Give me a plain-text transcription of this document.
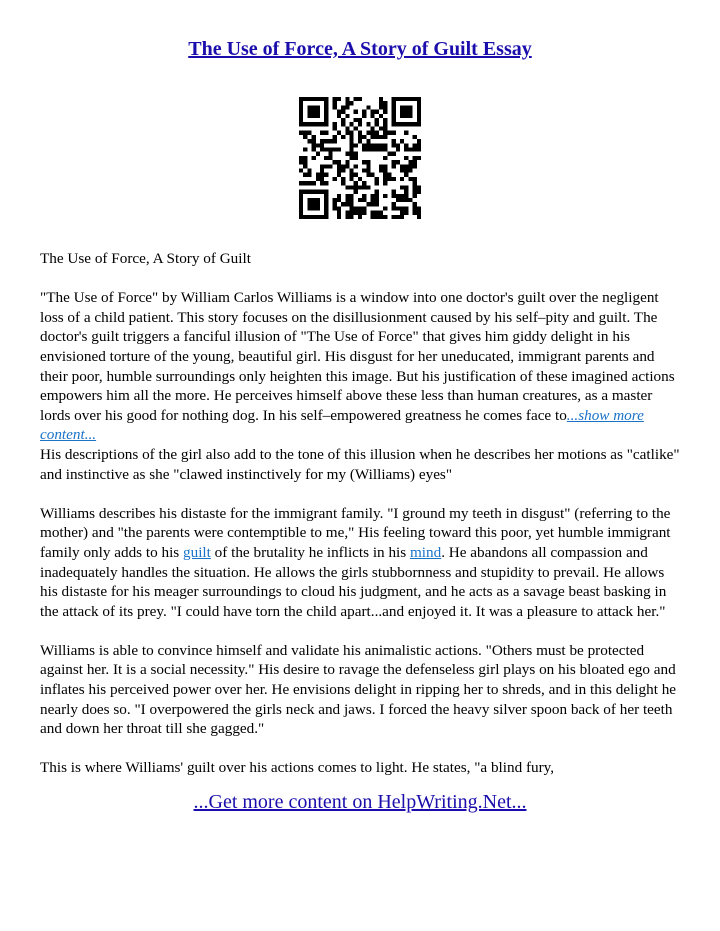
The Use of Force, A Story of Guilt Essay

The Use of Force, A Story of Guilt

"The Use of Force" by William Carlos Williams is a window into one doctor's guilt over the negligent loss of a child patient. This story focuses on the disillusionment caused by his self–pity and guilt. The doctor's guilt triggers a fanciful illusion of "The Use of Force" that gives him giddy delight in his envisioned torture of the young, beautiful girl. His disgust for her uneducated, immigrant parents and their poor, humble surroundings only heighten this image. But his justification of these imagined actions empowers him all the more. He perceives himself above these less than human creatures, as a master lords over his good for nothing dog. In his self–empowered greatness he comes face to...show more content...

His descriptions of the girl also add to the tone of this illusion when he describes her motions as "catlike" and instinctive as she "clawed instinctively for my (Williams) eyes"

Williams describes his distaste for the immigrant family. "I ground my teeth in disgust" (referring to the mother) and "the parents were contemptible to me," His feeling toward this poor, yet humble immigrant family only adds to his guilt of the brutality he inflicts in his mind. He abandons all compassion and inadequately handles the situation. He allows the girls stubbornness and stupidity to prevail. He allows his distaste for his meager surroundings to cloud his judgment, and he acts as a savage beast basking in the attack of its prey. "I could have torn the child apart...and enjoyed it. It was a pleasure to attack her."

Williams is able to convince himself and validate his animalistic actions. "Others must be protected against her. It is a social necessity." His desire to ravage the defenseless girl plays on his bloated ego and inflates his perceived power over her. He envisions delight in ripping her to shreds, and in this delight he nearly does so. "I overpowered the girls neck and jaws. I forced the heavy silver spoon back of her teeth and down her throat till she gagged."

This is where Williams' guilt over his actions comes to light. He states, "a blind fury,

...Get more content on HelpWriting.Net...
